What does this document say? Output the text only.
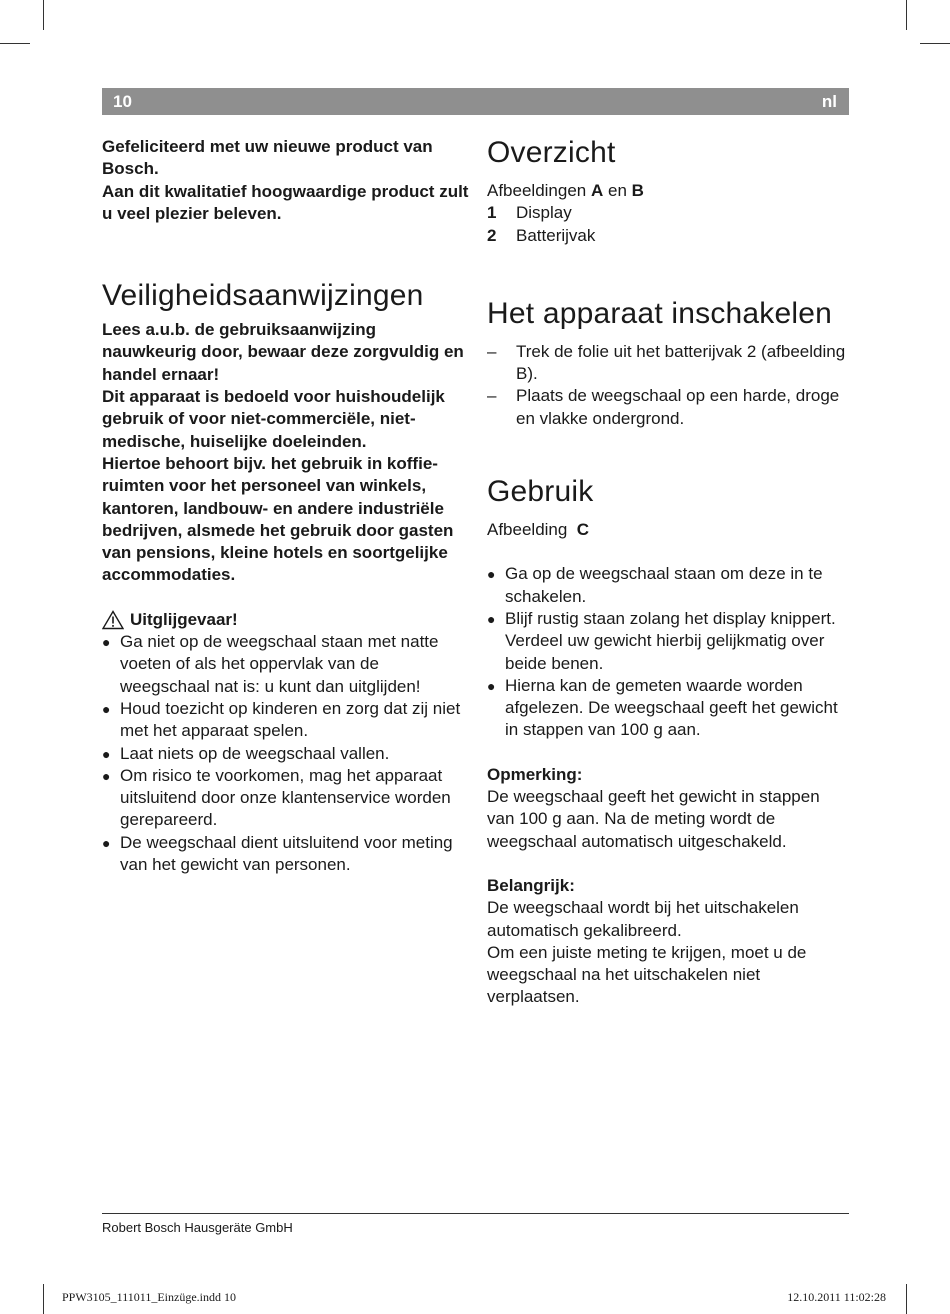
10	nl

Gefeliciteerd met uw nieuwe product van Bosch.

Aan dit kwalitatief hoogwaardige product zult u veel plezier beleven.

Veiligheidsaanwijzingen

Lees a.u.b. de gebruiksaanwijzing nauwkeurig door, bewaar deze zorgvuldig en handel ernaar!

Dit apparaat is bedoeld voor huishoudelijk gebruik of voor niet-commerciële, niet-medische, huiselijke doeleinden.

Hiertoe behoort bijv. het gebruik in koffie-ruimten voor het personeel van winkels, kantoren, landbouw- en andere industriële bedrijven, alsmede het gebruik door gasten van pensions, kleine hotels en soortgelijke accommodaties.

Uitglijgevaar!
● Ga niet op de weegschaal staan met natte voeten of als het oppervlak van de weegschaal nat is: u kunt dan uitglijden!
● Houd toezicht op kinderen en zorg dat zij niet met het apparaat spelen.
● Laat niets op de weegschaal vallen.
● Om risico te voorkomen, mag het apparaat uitsluitend door onze klantenservice worden gerepareerd.
● De weegschaal dient uitsluitend voor meting van het gewicht van personen.
Overzicht

Afbeeldingen A en B

1	Display
2	Batterijvak
Het apparaat inschakelen
– Trek de folie uit het batterijvak 2 (afbeelding B).
– Plaats de weegschaal op een harde, droge en vlakke ondergrond.
Gebruik

Afbeelding C

● Ga op de weegschaal staan om deze in te schakelen.
● Blijf rustig staan zolang het display knippert. Verdeel uw gewicht hierbij gelijkmatig over beide benen.
● Hierna kan de gemeten waarde worden afgelezen. De weegschaal geeft het gewicht in stappen van 100 g aan.

Opmerking:

De weegschaal geeft het gewicht in stappen van 100 g aan. Na de meting wordt de weegschaal automatisch uitgeschakeld.

Belangrijk:

De weegschaal wordt bij het uitschakelen automatisch gekalibreerd.

Om een juiste meting te krijgen, moet u de weegschaal na het uitschakelen niet verplaatsen.

Robert Bosch Hausgeräte GmbH
PPW3105_111011_Einzüge.indd 10	12.10.2011 11:02:28
